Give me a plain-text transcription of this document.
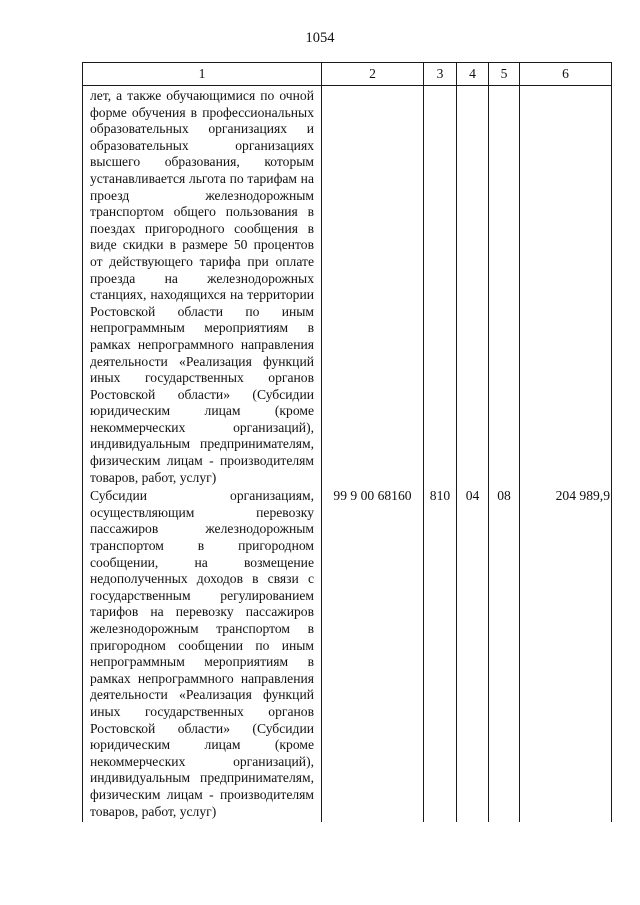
1054
1	2	3	4	5	6
лет, а также обучающимися по очной форме обучения в профессиональных образовательных организациях и образовательных организациях высшего образования, которым устанавливается льгота по тарифам на проезд железнодорожным транспортом общего пользования в поездах пригородного сообщения в виде скидки в размере 50 процентов от действующего тарифа при оплате проезда на железнодорожных станциях, находящихся на территории Ростовской области по иным непрограммным мероприятиям в рамках непрограммного направления деятельности «Реализация функций иных государственных органов Ростовской области» (Субсидии юридическим лицам (кроме некоммерческих организаций), индивидуальным предпринимателям, физическим лицам - производителям товаров, работ, услуг)					
Субсидии организациям, осуществляющим перевозку пассажиров железнодорожным транспортом в пригородном сообщении, на возмещение недополученных доходов в связи с государственным регулированием тарифов на перевозку пассажиров железнодорожным транспортом в пригородном сообщении по иным непрограммным мероприятиям в рамках непрограммного направления деятельности «Реализация функций иных государственных органов Ростовской области» (Субсидии юридическим лицам (кроме некоммерческих организаций), индивидуальным предпринимателям, физическим лицам - производителям товаров, работ, услуг)	99 9 00 68160	810	04	08	204 989,9
